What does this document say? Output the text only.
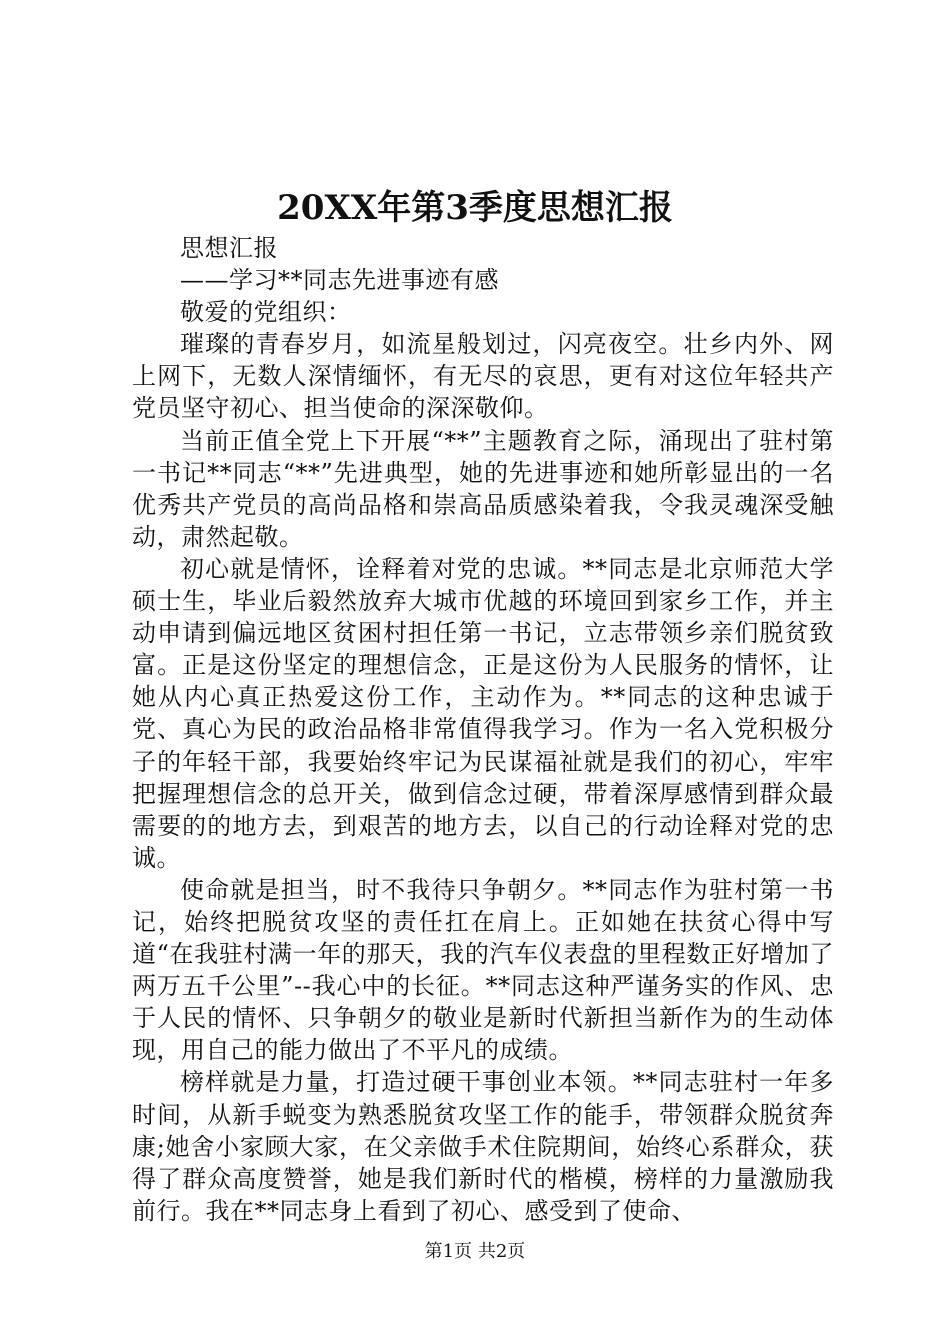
20XX年第3季度思想汇报

思想汇报

——学习**同志先进事迹有感

敬爱的党组织：

璀璨的青春岁月，如流星般划过，闪亮夜空。壮乡内外、网上网下，无数人深情缅怀，有无尽的哀思，更有对这位年轻共产党员坚守初心、担当使命的深深敬仰。

当前正值全党上下开展“**”主题教育之际，涌现出了驻村第一书记**同志“**”先进典型，她的先进事迹和她所彰显出的一名优秀共产党员的高尚品格和崇高品质感染着我，令我灵魂深受触动，肃然起敬。

初心就是情怀，诠释着对党的忠诚。**同志是北京师范大学硕士生，毕业后毅然放弃大城市优越的环境回到家乡工作，并主动申请到偏远地区贫困村担任第一书记，立志带领乡亲们脱贫致富。正是这份坚定的理想信念，正是这份为人民服务的情怀，让她从内心真正热爱这份工作，主动作为。**同志的这种忠诚于党、真心为民的政治品格非常值得我学习。作为一名入党积极分子的年轻干部，我要始终牢记为民谋福祉就是我们的初心，牢牢把握理想信念的总开关，做到信念过硬，带着深厚感情到群众最需要的的地方去，到艰苦的地方去，以自己的行动诠释对党的忠诚。

使命就是担当，时不我待只争朝夕。**同志作为驻村第一书记，始终把脱贫攻坚的责任扛在肩上。正如她在扶贫心得中写道“在我驻村满一年的那天，我的汽车仪表盘的里程数正好增加了两万五千公里”--我心中的长征。**同志这种严谨务实的作风、忠于人民的情怀、只争朝夕的敬业是新时代新担当新作为的生动体现，用自己的能力做出了不平凡的成绩。

榜样就是力量，打造过硬干事创业本领。**同志驻村一年多时间，从新手蜕变为熟悉脱贫攻坚工作的能手，带领群众脱贫奔康;她舍小家顾大家，在父亲做手术住院期间，始终心系群众，获得了群众高度赞誉，她是我们新时代的楷模，榜样的力量激励我前行。我在**同志身上看到了初心、感受到了使命、

第1页 共2页
